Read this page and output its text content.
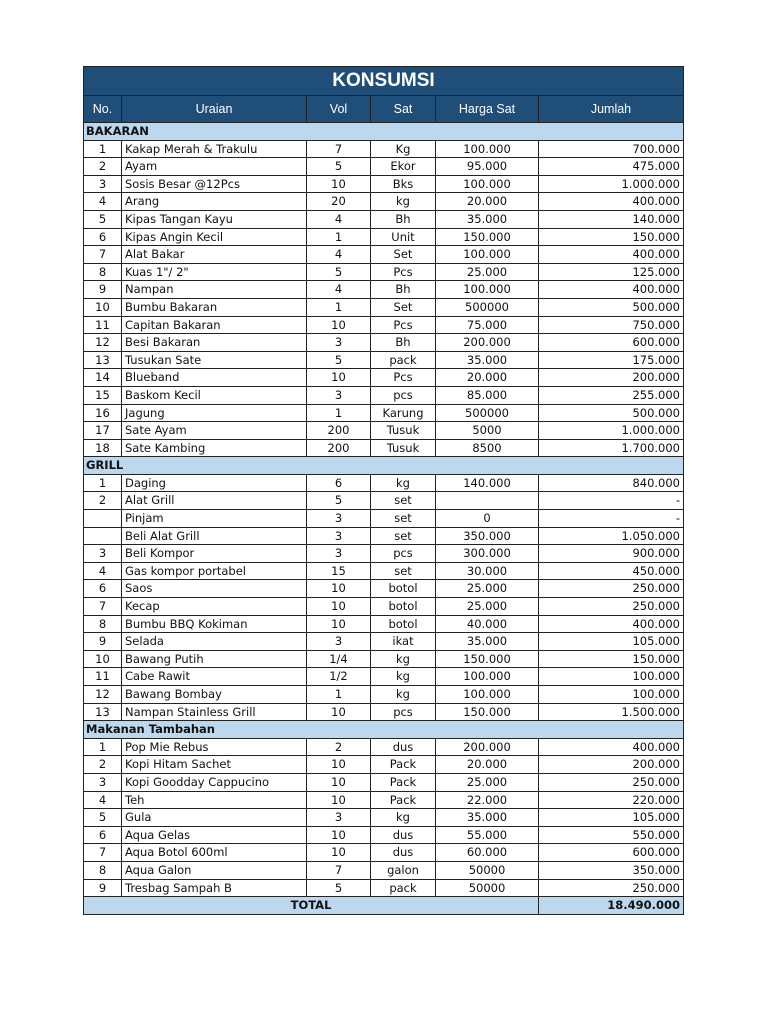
KONSUMSI					
No.	Uraian	Vol	Sat	Harga Sat	Jumlah
BAKARAN					
1	Kakap Merah & Trakulu	7	Kg	100.000	700.000
2	Ayam	5	Ekor	95.000	475.000
3	Sosis Besar @12Pcs	10	Bks	100.000	1.000.000
4	Arang	20	kg	20.000	400.000
5	Kipas Tangan Kayu	4	Bh	35.000	140.000
6	Kipas Angin Kecil	1	Unit	150.000	150.000
7	Alat Bakar	4	Set	100.000	400.000
8	Kuas 1"/ 2"	5	Pcs	25.000	125.000
9	Nampan	4	Bh	100.000	400.000
10	Bumbu Bakaran	1	Set	500000	500.000
11	Capitan Bakaran	10	Pcs	75.000	750.000
12	Besi Bakaran	3	Bh	200.000	600.000
13	Tusukan Sate	5	pack	35.000	175.000
14	Blueband	10	Pcs	20.000	200.000
15	Baskom Kecil	3	pcs	85.000	255.000
16	Jagung	1	Karung	500000	500.000
17	Sate Ayam	200	Tusuk	5000	1.000.000
18	Sate Kambing	200	Tusuk	8500	1.700.000
GRILL					
1	Daging	6	kg	140.000	840.000
2	Alat Grill	5	set		-
	Pinjam	3	set	0	-
	Beli Alat Grill	3	set	350.000	1.050.000
3	Beli Kompor	3	pcs	300.000	900.000
4	Gas kompor portabel	15	set	30.000	450.000
6	Saos	10	botol	25.000	250.000
7	Kecap	10	botol	25.000	250.000
8	Bumbu BBQ Kokiman	10	botol	40.000	400.000
9	Selada	3	ikat	35.000	105.000
10	Bawang Putih	1/4	kg	150.000	150.000
11	Cabe Rawit	1/2	kg	100.000	100.000
12	Bawang Bombay	1	kg	100.000	100.000
13	Nampan Stainless Grill	10	pcs	150.000	1.500.000
Makanan Tambahan					
1	Pop Mie Rebus	2	dus	200.000	400.000
2	Kopi Hitam Sachet	10	Pack	20.000	200.000
3	Kopi Goodday Cappucino	10	Pack	25.000	250.000
4	Teh	10	Pack	22.000	220.000
5	Gula	3	kg	35.000	105.000
6	Aqua Gelas	10	dus	55.000	550.000
7	Aqua Botol 600ml	10	dus	60.000	600.000
8	Aqua Galon	7	galon	50000	350.000
9	Tresbag Sampah B	5	pack	50000	250.000
TOTAL					18.490.000
